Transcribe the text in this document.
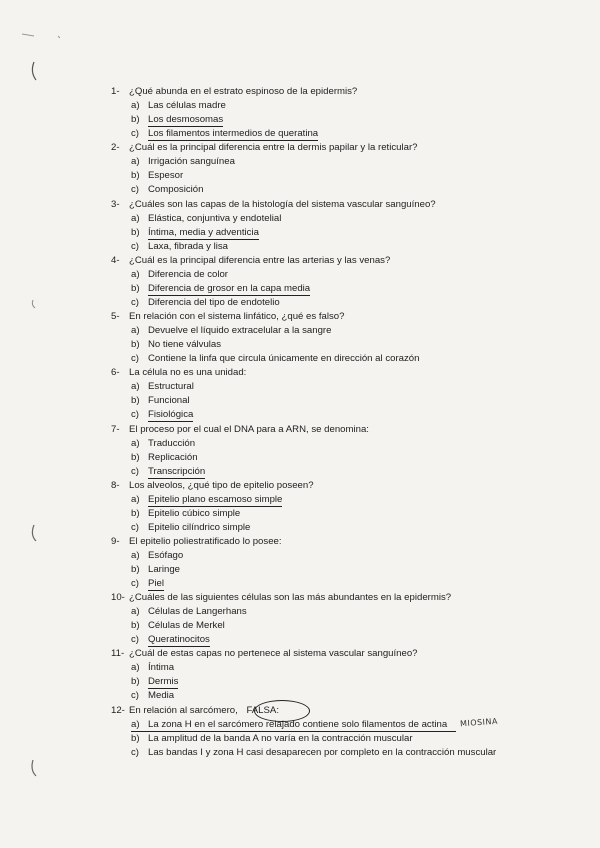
1- ¿Qué abunda en el estrato espinoso de la epidermis?
a) Las células madre
b) Los desmosomas
c) Los filamentos intermedios de queratina
2- ¿Cuál es la principal diferencia entre la dermis papilar y la reticular?
a) Irrigación sanguínea
b) Espesor
c) Composición
3- ¿Cuáles son las capas de la histología del sistema vascular sanguíneo?
a) Elástica, conjuntiva y endotelial
b) Íntima, media y adventicia
c) Laxa, fibrada y lisa
4- ¿Cuál es la principal diferencia entre las arterias y las venas?
a) Diferencia de color
b) Diferencia de grosor en la capa media
c) Diferencia del tipo de endotelio
5- En relación con el sistema linfático, ¿qué es falso?
a) Devuelve el líquido extracelular a la sangre
b) No tiene válvulas
c) Contiene la linfa que circula únicamente en dirección al corazón
6- La célula no es una unidad:
a) Estructural
b) Funcional
c) Fisiológica
7- El proceso por el cual el DNA para a ARN, se denomina:
a) Traducción
b) Replicación
c) Transcripción
8- Los alveolos, ¿qué tipo de epitelio poseen?
a) Epitelio plano escamoso simple
b) Epitelio cúbico simple
c) Epitelio cilíndrico simple
9- El epitelio poliestratificado lo posee:
a) Esófago
b) Laringe
c) Piel
10- ¿Cuáles de las siguientes células son las más abundantes en la epidermis?
a) Células de Langerhans
b) Células de Merkel
c) Queratinocitos
11- ¿Cuál de estas capas no pertenece al sistema vascular sanguíneo?
a) Íntima
b) Dermis
c) Media
12- En relación al sarcómero, FALSA:
a) La zona H en el sarcómero relajado contiene solo filamentos de actina MIOSINA
b) La amplitud de la banda A no varía en la contracción muscular
c) Las bandas I y zona H casi desaparecen por completo en la contracción muscular
